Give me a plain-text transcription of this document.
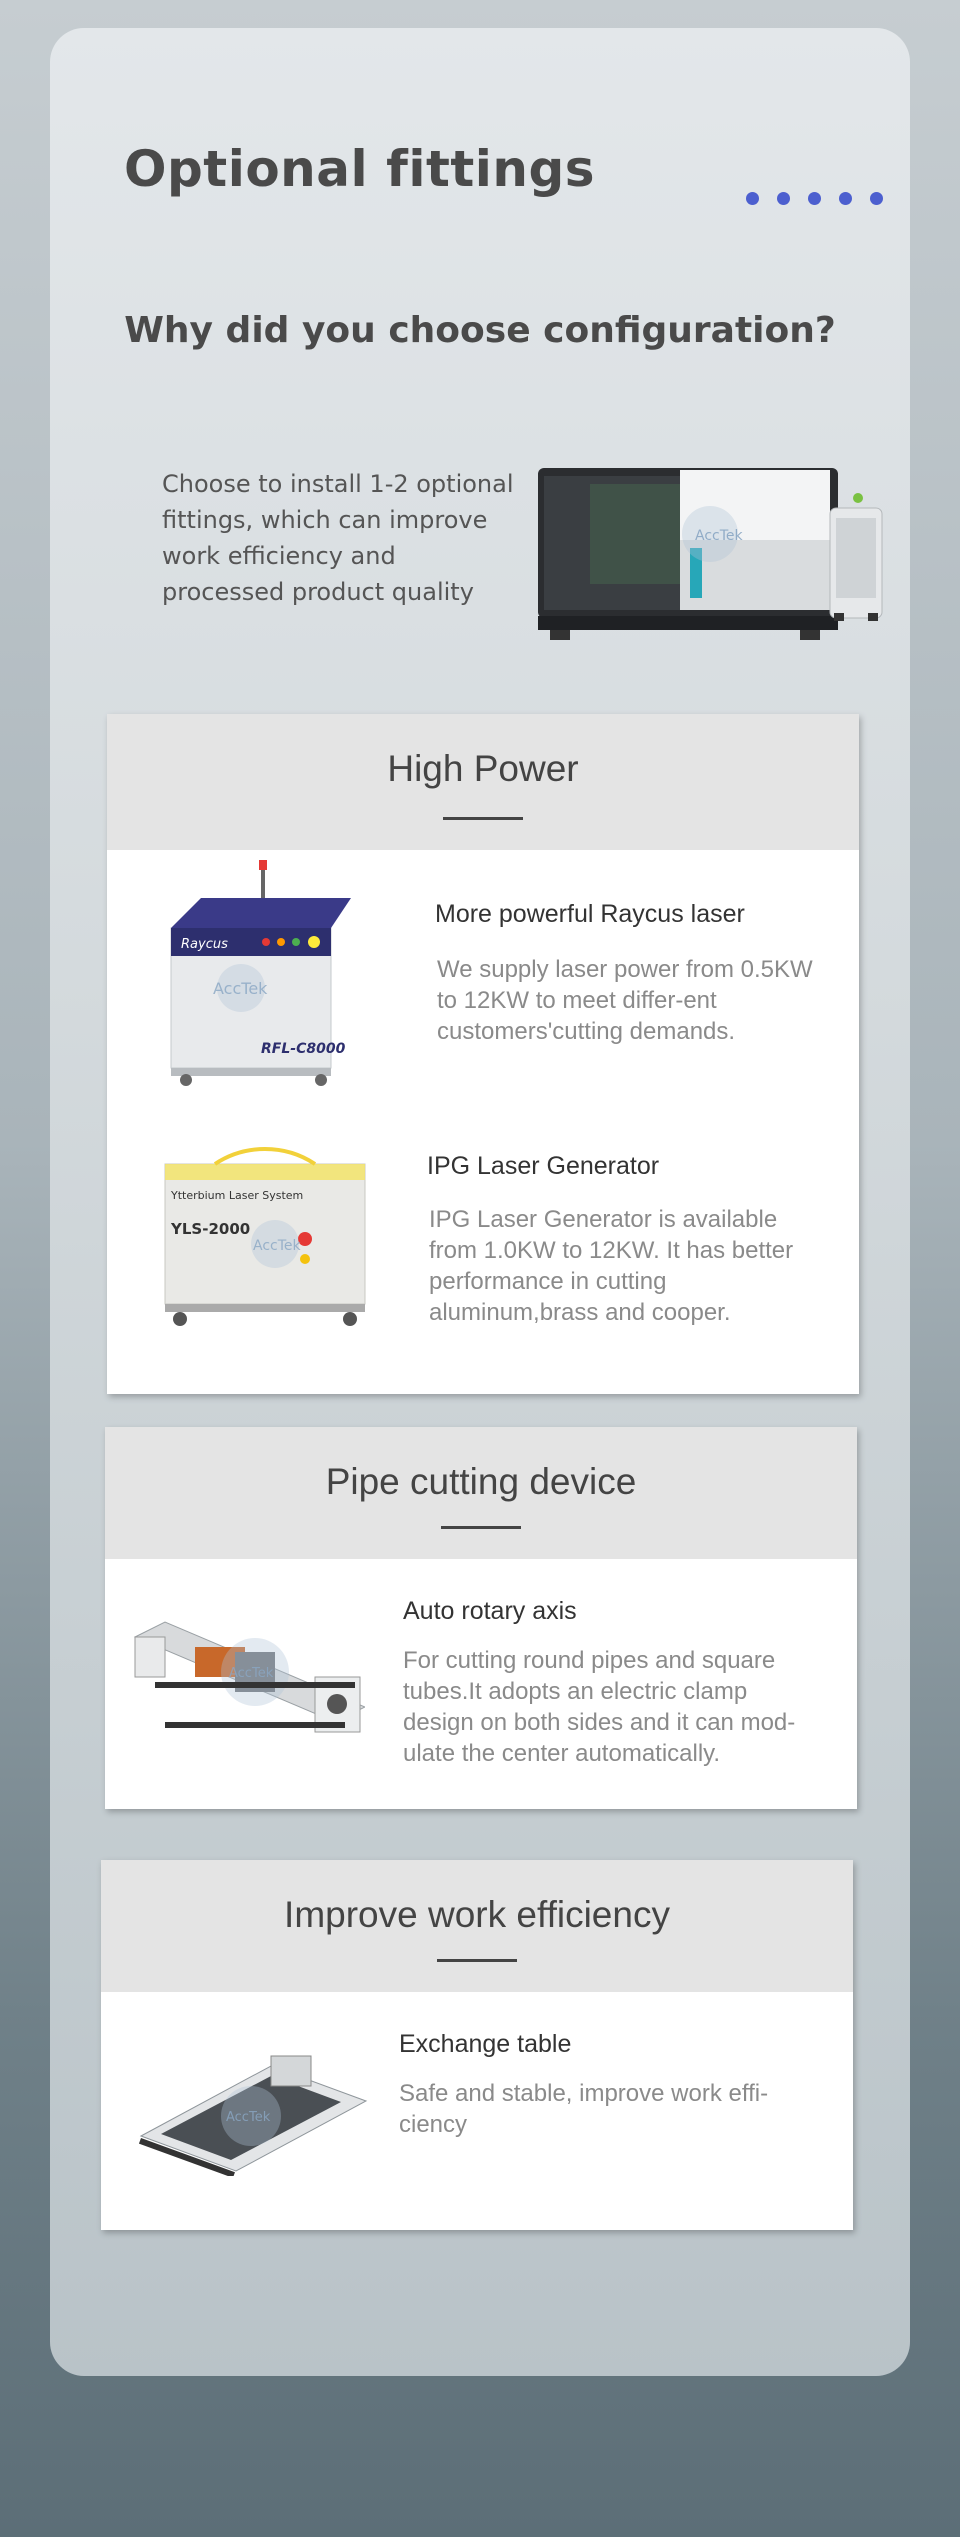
Optional fittings
Why did you choose configuration?

Choose to install 1-2 optional fittings, which can improve work efficiency and processed product quality

AccTek
High Power
Raycus
AccTek
RFL-C8000
More powerful Raycus laser
We supply laser power from 0.5KW to 12KW to meet differ-ent customers'cutting demands.
Ytterbium Laser System
YLS-2000
AccTek
IPG Laser Generator
IPG Laser Generator is available from 1.0KW to 12KW. It has better performance in cutting aluminum,brass and cooper.
Pipe cutting device
AccTek
Auto rotary axis
For cutting round pipes and square tubes.It adopts an electric clamp design on both sides and it can mod-ulate the center automatically.
Improve work efficiency
AccTek
Exchange table
Safe and stable, improve work effi-ciency
